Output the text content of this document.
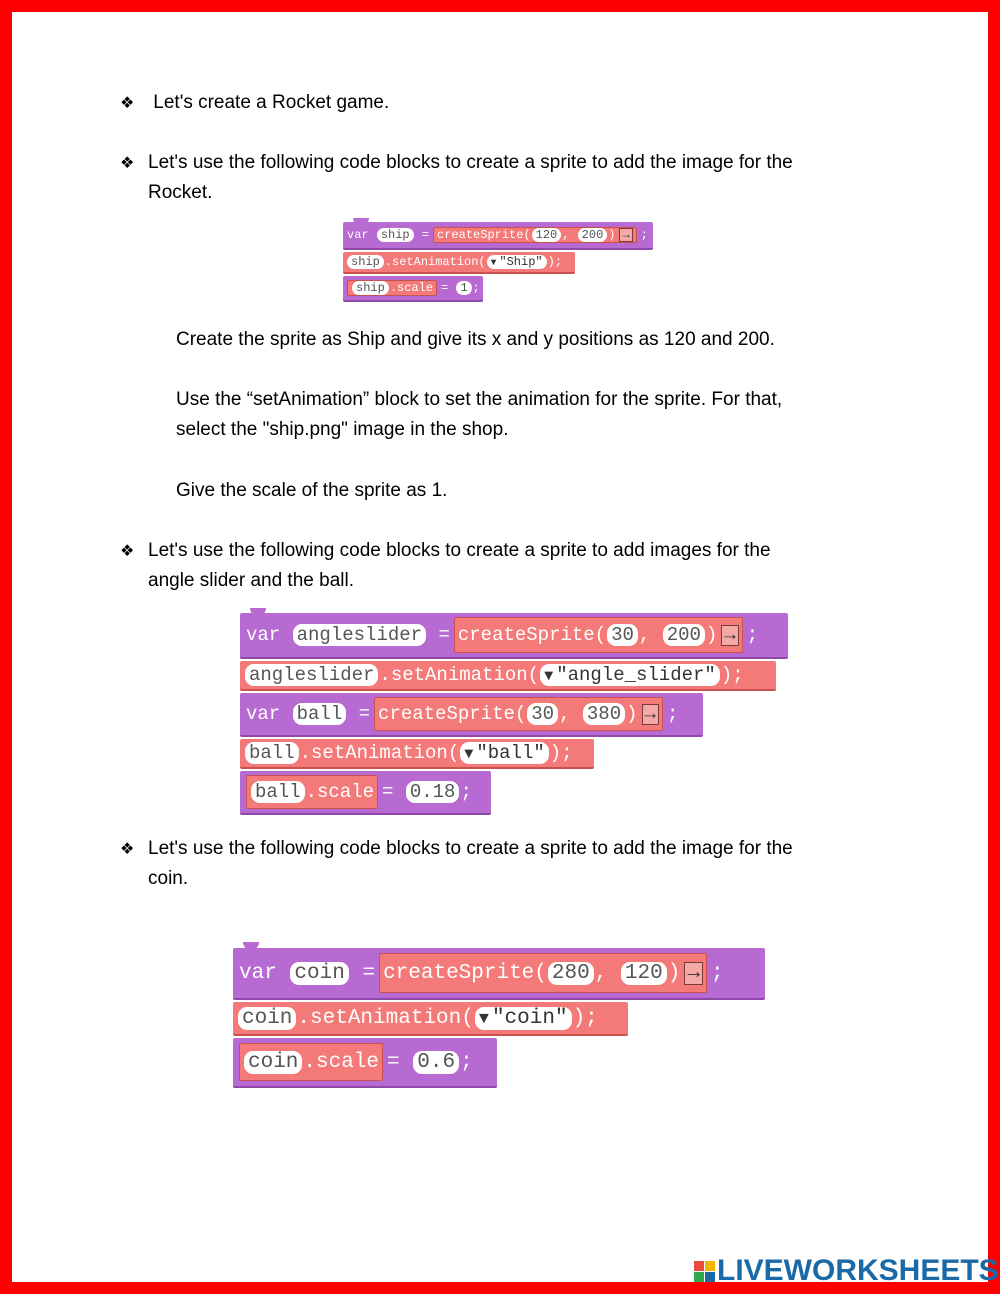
❖ Let's create a Rocket game.
❖ Let's use the following code blocks to create a sprite to add the image for the
Rocket.
var
	ship
	= createSprite( 120 ,
	200 ) → ;
ship .setAnimation( ▼ "Ship" );
ship .scale =
	1 ;
Create the sprite as Ship and give its x and y positions as 120 and 200.
Use the “setAnimation” block to set the animation for the sprite. For that,
select the "ship.png" image in the shop.
Give the scale of the sprite as 1.
❖ Let's use the following code blocks to create a sprite to add images for the
angle slider and the ball.
var
angleslider
= createSprite( 30 ,
200 ) → ;
angleslider .setAnimation( ▼ "angle_slider" );
var
ball
= createSprite( 30 ,
380 ) → ;
ball .setAnimation( ▼ "ball" );
ball .scale =
0.18 ;
❖ Let's use the following code blocks to create a sprite to add the image for the
coin.
var
coin
= createSprite( 280 ,
120 ) → ;
coin .setAnimation( ▼ "coin" );
coin .scale =
0.6 ;
LIVEWORKSHEETS
